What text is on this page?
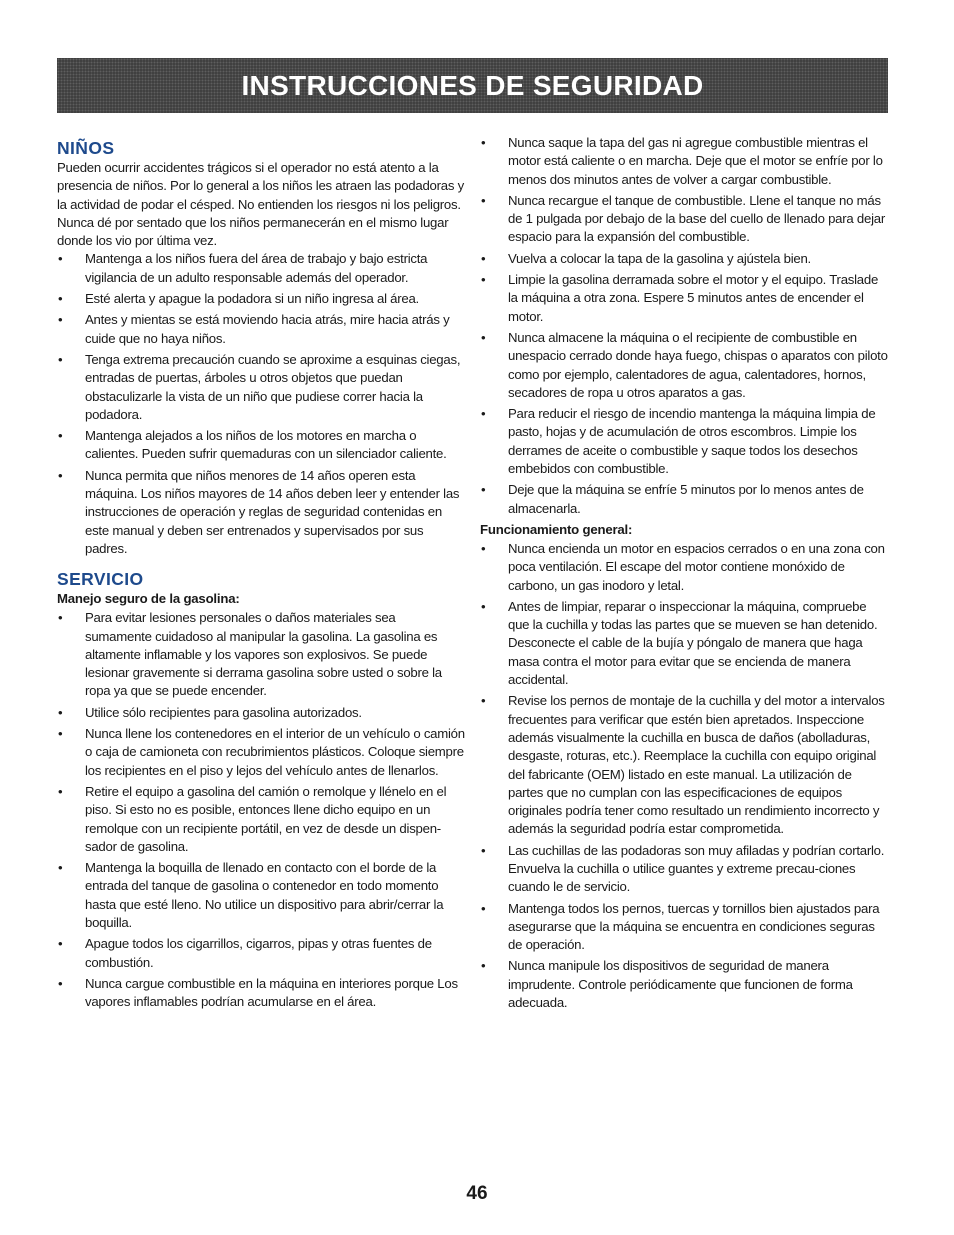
INSTRUCCIONES DE SEGURIDAD
NIÑOS

Pueden ocurrir accidentes trágicos si el operador no está atento a la presencia de niños. Por lo general a los niños les atraen las podadoras y la actividad de podar el césped. No entienden los riesgos ni los peligros. Nunca dé por sentado que los niños permanecerán en el mismo lugar donde los vio por última vez.

• Mantenga a los niños fuera del área de trabajo y bajo estricta vigilancia de un adulto responsable además del operador.
• Esté alerta y apague la podadora si un niño ingresa al área.
• Antes y mientas se está moviendo hacia atrás, mire hacia atrás y cuide que no haya niños.
• Tenga extrema precaución cuando se aproxime a esquinas ciegas, entradas de puertas, árboles u otros objetos que puedan obstaculizarle la vista de un niño que pudiese correr hacia la podadora.
• Mantenga alejados a los niños de los motores en marcha o calientes. Pueden sufrir quemaduras con un silenciador caliente.
• Nunca permita que niños menores de 14 años operen esta máquina. Los niños mayores de 14 años deben leer y entender las instrucciones de operación y reglas de seguridad contenidas en este manual y deben ser entrenados y supervisados por sus padres.
SERVICIO
Manejo seguro de la gasolina:
• Para evitar lesiones personales o daños materiales sea sumamente cuidadoso al manipular la gasolina. La gasolina es altamente inflamable y los vapores son explosivos. Se puede lesionar gravemente si derrama gasolina sobre usted o sobre la ropa ya que se puede encender.
• Utilice sólo recipientes para gasolina autorizados.
• Nunca llene los contenedores en el interior de un vehículo o camión o caja de camioneta con recubrimientos plásticos. Coloque siempre los recipientes en el piso y lejos del vehículo antes de llenarlos.
• Retire el equipo a gasolina del camión o remolque y llénelo en el piso. Si esto no es posible, entonces llene dicho equipo en un remolque con un recipiente portátil, en vez de desde un dispen-sador de gasolina.
• Mantenga la boquilla de llenado en contacto con el borde de la entrada del tanque de gasolina o contenedor en todo momento hasta que esté lleno. No utilice un dispositivo para abrir/cerrar la boquilla.
• Apague todos los cigarrillos, cigarros, pipas y otras fuentes de combustión.
• Nunca cargue combustible en la máquina en interiores porque Los vapores inflamables podrían acumularse en el área.
• Nunca saque la tapa del gas ni agregue combustible mientras el motor está caliente o en marcha. Deje que el motor se enfríe por lo menos dos minutos antes de volver a cargar combustible.
• Nunca recargue el tanque de combustible. Llene el tanque no más de 1 pulgada por debajo de la base del cuello de llenado para dejar espacio para la expansión del combustible.
• Vuelva a colocar la tapa de la gasolina y ajústela bien.
• Limpie la gasolina derramada sobre el motor y el equipo. Traslade la máquina a otra zona. Espere 5 minutos antes de encender el motor.
• Nunca almacene la máquina o el recipiente de combustible en unespacio cerrado donde haya fuego, chispas o aparatos con piloto como por ejemplo, calentadores de agua, calentadores, hornos, secadores de ropa u otros aparatos a gas.
• Para reducir el riesgo de incendio mantenga la máquina limpia de pasto, hojas y de acumulación de otros escombros. Limpie los derrames de aceite o combustible y saque todos los desechos embebidos con combustible.
• Deje que la máquina se enfríe 5 minutos por lo menos antes de almacenarla.
Funcionamiento general:
• Nunca encienda un motor en espacios cerrados o en una zona con poca ventilación. El escape del motor contiene monóxido de carbono, un gas inodoro y letal.
• Antes de limpiar, reparar o inspeccionar la máquina, compruebe que la cuchilla y todas las partes que se mueven se han detenido. Desconecte el cable de la bujía y póngalo de manera que haga masa contra el motor para evitar que se encienda de manera accidental.
• Revise los pernos de montaje de la cuchilla y del motor a intervalos frecuentes para verificar que estén bien apretados. Inspeccione además visualmente la cuchilla en busca de daños (abolladuras, desgaste, roturas, etc.). Reemplace la cuchilla con equipo original del fabricante (OEM) listado en este manual. La utilización de partes que no cumplan con las especificaciones de equipos originales podría tener como resultado un rendimiento incorrecto y además la seguridad podría estar comprometida.
• Las cuchillas de las podadoras son muy afiladas y podrían cortarlo. Envuelva la cuchilla o utilice guantes y extreme precau-ciones cuando le de servicio.
• Mantenga todos los pernos, tuercas y tornillos bien ajustados para asegurarse que la máquina se encuentra en condiciones seguras de operación.
• Nunca manipule los dispositivos de seguridad de manera imprudente. Controle periódicamente que funcionen de forma adecuada.
46
